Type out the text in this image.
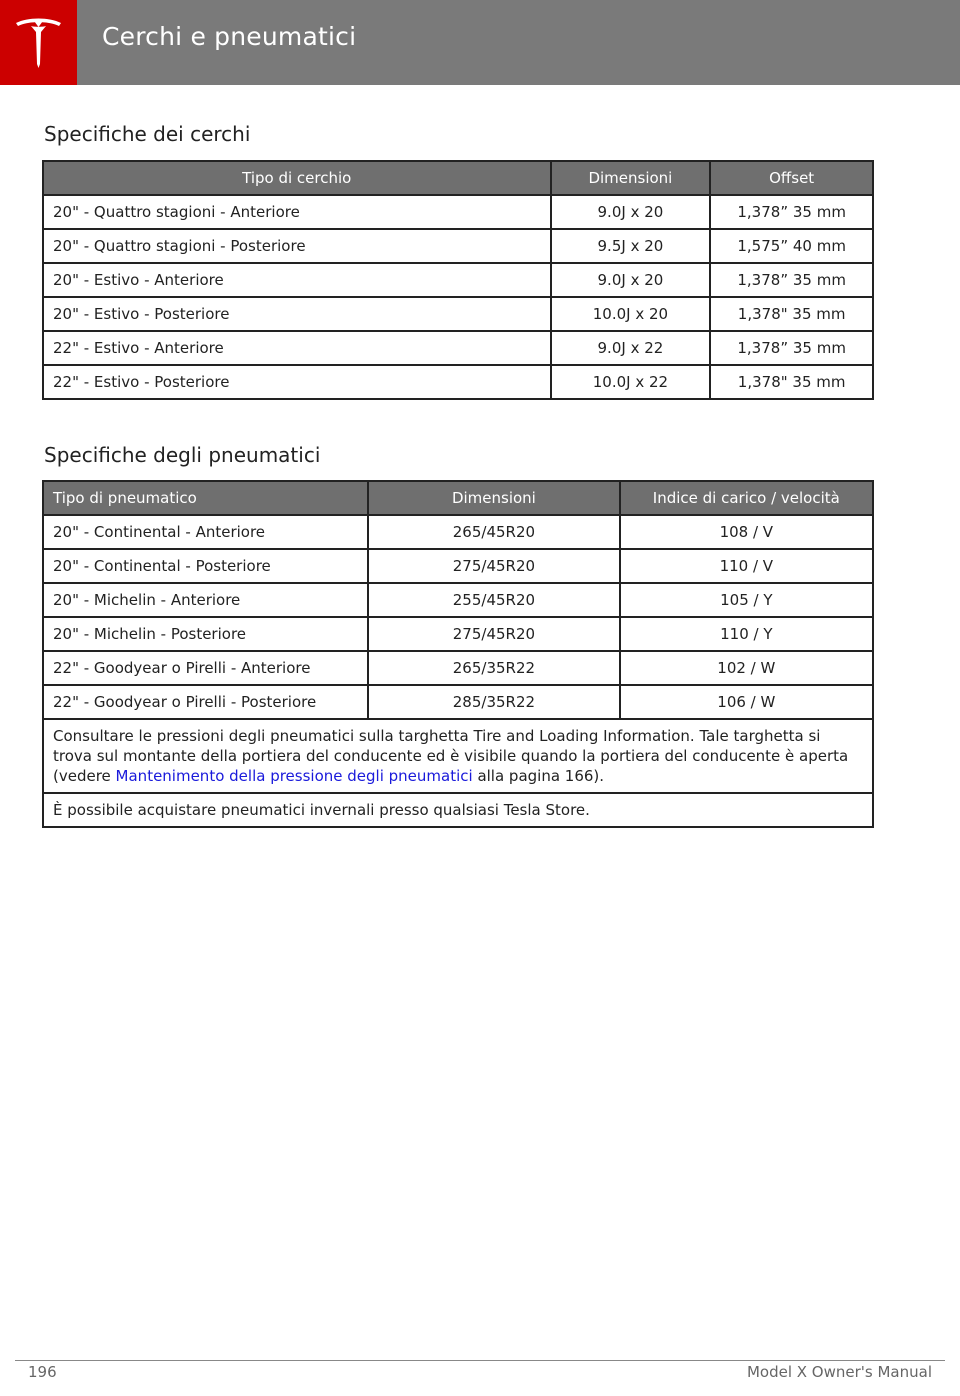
Cerchi e pneumatici
Specifiche dei cerchi
Tipo di cerchio	Dimensioni	Offset
20" - Quattro stagioni - Anteriore	9.0J x 20	1,378” 35 mm
20" - Quattro stagioni - Posteriore	9.5J x 20	1,575” 40 mm
20" - Estivo - Anteriore	9.0J x 20	1,378” 35 mm
20" - Estivo - Posteriore	10.0J x 20	1,378" 35 mm
22" - Estivo - Anteriore	9.0J x 22	1,378” 35 mm
22" - Estivo - Posteriore	10.0J x 22	1,378" 35 mm
Specifiche degli pneumatici
Tipo di pneumatico	Dimensioni	Indice di carico / velocità
20" - Continental - Anteriore	265/45R20	108 / V
20" - Continental - Posteriore	275/45R20	110 / V
20" - Michelin - Anteriore	255/45R20	105 / Y
20" - Michelin - Posteriore	275/45R20	110 / Y
22" - Goodyear o Pirelli - Anteriore	265/35R22	102 / W
22" - Goodyear o Pirelli - Posteriore	285/35R22	106 / W
Consultare le pressioni degli pneumatici sulla targhetta Tire and Loading Information. Tale targhetta si trova sul montante della portiera del conducente ed è visibile quando la portiera del conducente è aperta (vedere Mantenimento della pressione degli pneumatici alla pagina 166).		
È possibile acquistare pneumatici invernali presso qualsiasi Tesla Store.		
196	Model X Owner's Manual
